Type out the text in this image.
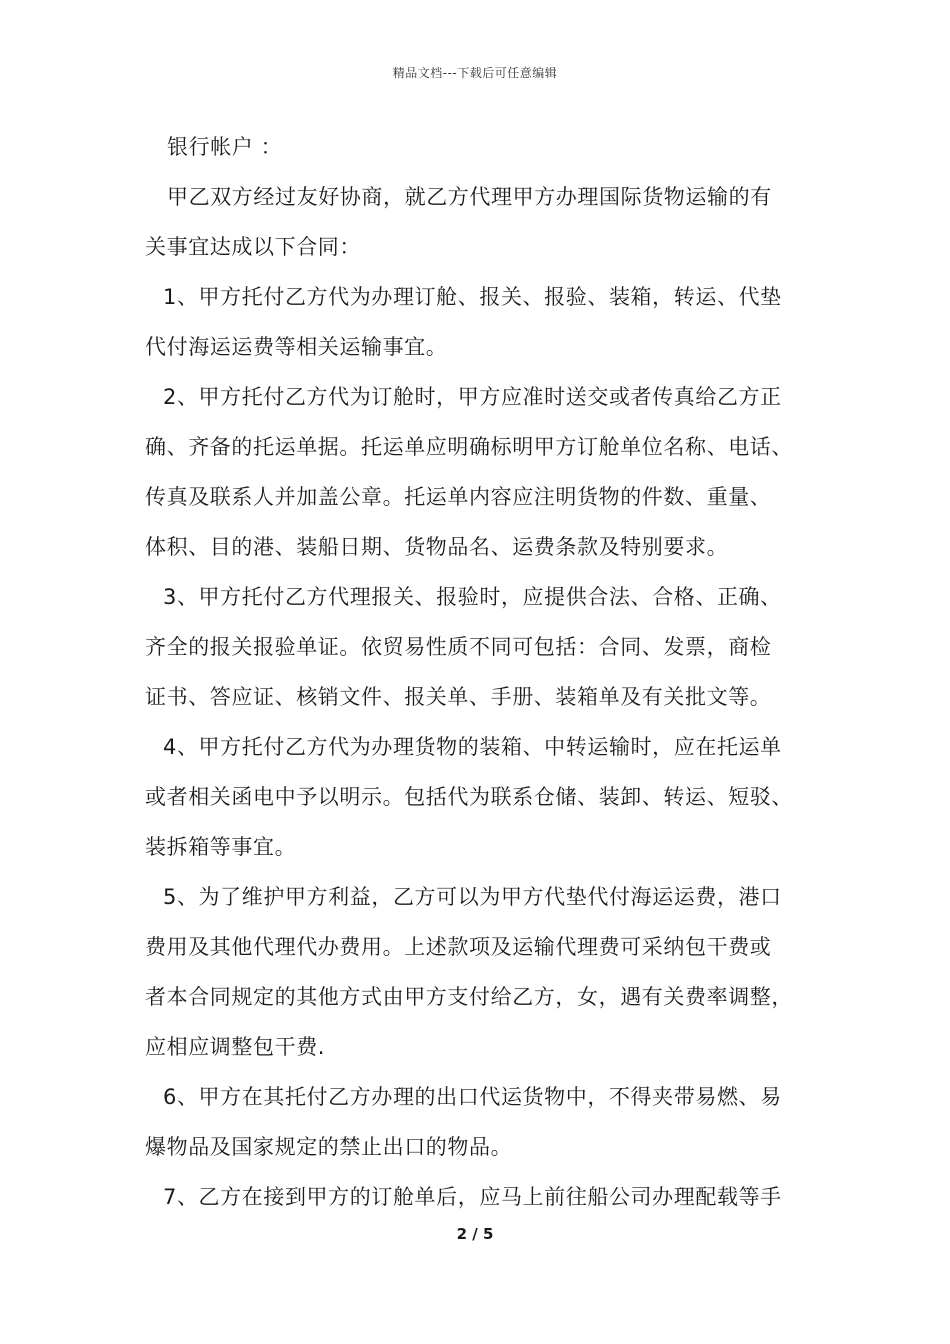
精品文档---下载后可任意编辑
银行帐户 ：
甲乙双方经过友好协商，就乙方代理甲方办理国际货物运输的有
关事宜达成以下合同：
1、甲方托付乙方代为办理订舱、报关、报验、装箱，转运、代垫
代付海运运费等相关运输事宜。
2、甲方托付乙方代为订舱时，甲方应准时送交或者传真给乙方正
确、齐备的托运单据。托运单应明确标明甲方订舱单位名称、电话、
传真及联系人并加盖公章。托运单内容应注明货物的件数、重量、
体积、目的港、装船日期、货物品名、运费条款及特别要求。
3、甲方托付乙方代理报关、报验时，应提供合法、合格、正确、
齐全的报关报验单证。依贸易性质不同可包括：合同、发票，商检
证书、答应证、核销文件、报关单、手册、装箱单及有关批文等。
4、甲方托付乙方代为办理货物的装箱、中转运输时，应在托运单
或者相关函电中予以明示。包括代为联系仓储、装卸、转运、短驳、
装拆箱等事宜。
5、为了维护甲方利益，乙方可以为甲方代垫代付海运运费，港口
费用及其他代理代办费用。上述款项及运输代理费可采纳包干费或
者本合同规定的其他方式由甲方支付给乙方，女，遇有关费率调整，
应相应调整包干费.
6、甲方在其托付乙方办理的出口代运货物中，不得夹带易燃、易
爆物品及国家规定的禁止出口的物品。
7、乙方在接到甲方的订舱单后，应马上前往船公司办理配载等手
2 / 5
